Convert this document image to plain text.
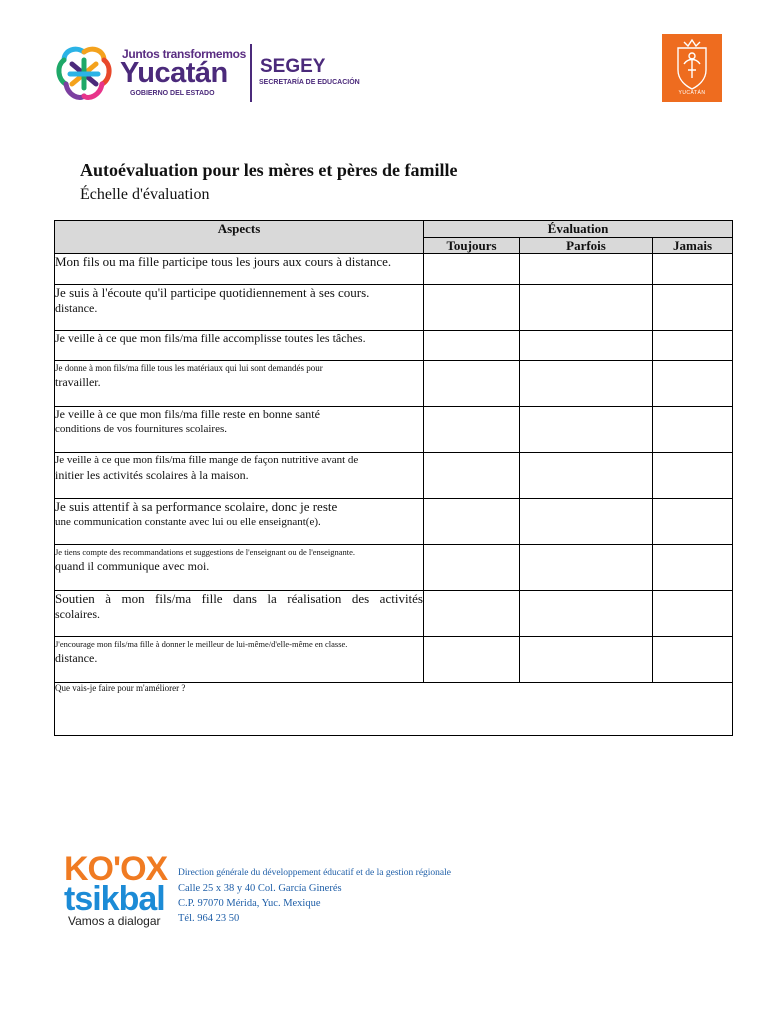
Juntos transformemos
Yucatán
GOBIERNO DEL ESTADO
SEGEY
SECRETARÍA DE EDUCACIÓN
YUCATÁN
Autoévaluation pour les mères et pères de famille
Échelle d'évaluation
Aspects	Évaluation		
	Toujours	Parfois	Jamais

Mon fils ou ma fille participe tous les jours aux cours à distance.			

Je suis à l'écoute qu'il participe quotidiennement à ses cours.
distance.			

Je veille à ce que mon fils/ma fille accomplisse toutes les tâches.			

Je donne à mon fils/ma fille tous les matériaux qui lui sont demandés pour
travailler.			

Je veille à ce que mon fils/ma fille reste en bonne santé
conditions de vos fournitures scolaires.			

Je veille à ce que mon fils/ma fille mange de façon nutritive avant de
initier les activités scolaires à la maison.			

Je suis attentif à sa performance scolaire, donc je reste
une communication constante avec lui ou elle enseignant(e).			

Je tiens compte des recommandations et suggestions de l'enseignant ou de l'enseignante.
quand il communique avec moi.			

Soutien à mon fils/ma fille dans la réalisation des activités
scolaires.			

J'encourage mon fils/ma fille à donner le meilleur de lui-même/d'elle-même en classe.
distance.			

Que vais-je faire pour m'améliorer ?			
KO'OX
tsikbal
Vamos a dialogar
Direction générale du développement éducatif et de la gestion régionale
Calle 25 x 38 y 40 Col. García Ginerés
C.P. 97070 Mérida, Yuc. Mexique
Tél. 964 23 50
